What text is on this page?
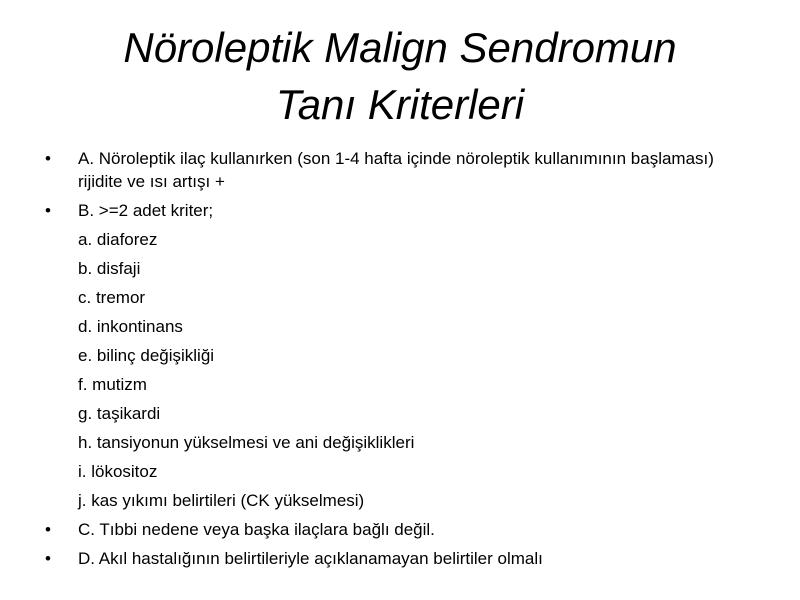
Nöroleptik Malign Sendromun
Tanı Kriterleri
• A. Nöroleptik ilaç kullanırken (son 1-4 hafta içinde nöroleptik kullanımının başlaması) rijidite ve ısı artışı +
• B. >=2 adet kriter;
a. diaforez
b. disfaji
c. tremor
d. inkontinans
e. bilinç değişikliği
f. mutizm
g. taşikardi
h. tansiyonun yükselmesi ve ani değişiklikleri
i. lökositoz
j. kas yıkımı belirtileri (CK yükselmesi)
• C. Tıbbi nedene veya başka ilaçlara bağlı değil.
• D. Akıl hastalığının belirtileriyle açıklanamayan belirtiler olmalı
